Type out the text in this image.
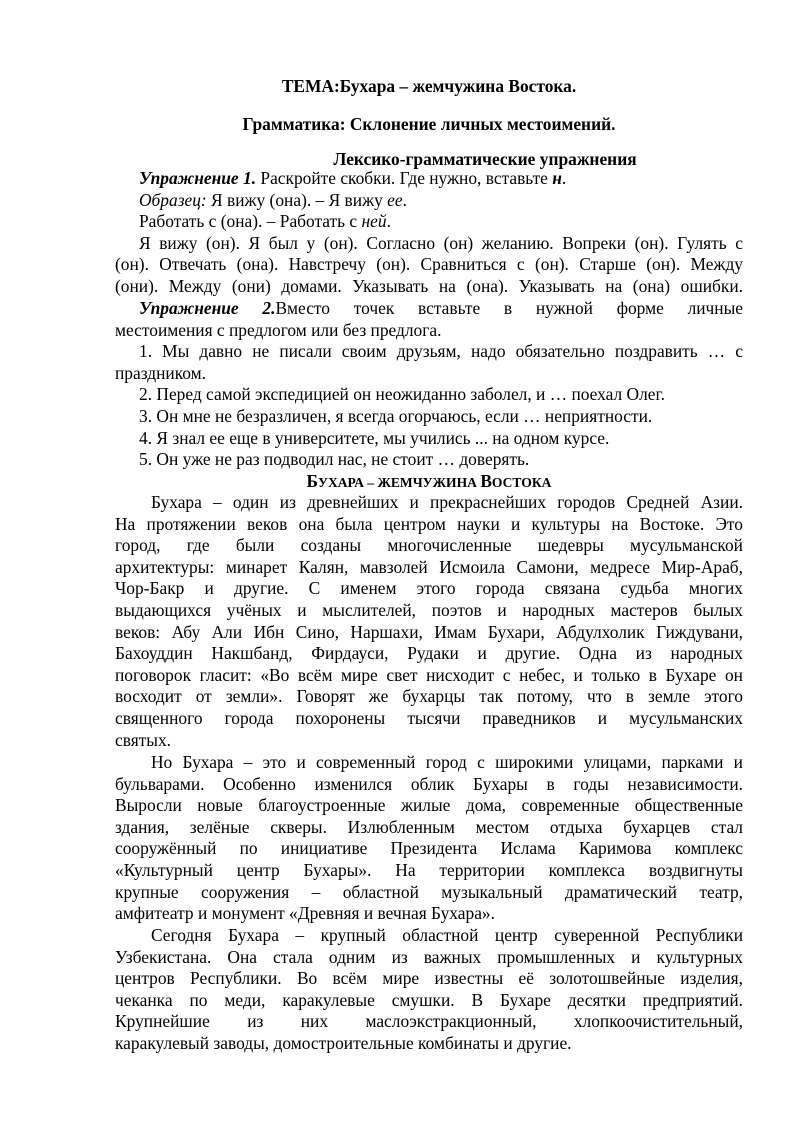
ТЕМА:Бухара – жемчужина Востока.
Грамматика: Склонение личных местоимений.
Лексико-грамматические упражнения
Упражнение 1. Раскройте скобки. Где нужно, вставьте н.
Образец: Я вижу (она). – Я вижу ее.
Работать с (она). – Работать с ней.
Я вижу (он). Я был у (он). Согласно (он) желанию. Вопреки (он). Гулять с
(он). Отвечать (она). Навстречу (он). Сравниться с (он). Старше (он). Между
(они). Между (они) домами. Указывать на (она). Указывать на (она) ошибки.
Упражнение 2.Вместо точек вставьте в нужной форме личные
местоимения с предлогом или без предлога.
1. Мы давно не писали своим друзьям, надо обязательно поздравить … с
праздником.
2. Перед самой экспедицией он неожиданно заболел, и … поехал Олег.
3. Он мне не безразличен, я всегда огорчаюсь, если … неприятности.
4. Я знал ее еще в университете, мы учились ... на одном курсе.
5. Он уже не раз подводил нас, не стоит … доверять.
БУХАРА – ЖЕМЧУЖИНА ВОСТОКА
Бухара – один из древнейших и прекраснейших городов Средней Азии.
На протяжении веков она была центром науки и культуры на Востоке. Это
город, где были созданы многочисленные шедевры мусульманской
архитектуры: минарет Калян, мавзолей Исмоила Самони, медресе Мир-Араб,
Чор-Бакр и другие. С именем этого города связана судьба многих
выдающихся учёных и мыслителей, поэтов и народных мастеров былых
веков: Абу Али Ибн Сино, Наршахи, Имам Бухари, Абдулхолик Гиждувани,
Бахоуддин Накшбанд, Фирдауси, Рудаки и другие. Одна из народных
поговорок гласит: «Во всём мире свет нисходит с небес, и только в Бухаре он
восходит от земли». Говорят же бухарцы так потому, что в земле этого
священного города похоронены тысячи праведников и мусульманских
святых.
Но Бухара – это и современный город с широкими улицами, парками и
бульварами. Особенно изменился облик Бухары в годы независимости.
Выросли новые благоустроенные жилые дома, современные общественные
здания, зелёные скверы. Излюбленным местом отдыха бухарцев стал
сооружённый по инициативе Президента Ислама Каримова комплекс
«Культурный центр Бухары». На территории комплекса воздвигнуты
крупные сооружения – областной музыкальный драматический театр,
амфитеатр и монумент «Древняя и вечная Бухара».
Сегодня Бухара – крупный областной центр суверенной Республики
Узбекистана. Она стала одним из важных промышленных и культурных
центров Республики. Во всём мире известны её золотошвейные изделия,
чеканка по меди, каракулевые смушки. В Бухаре десятки предприятий.
Крупнейшие из них маслоэкстракционный, хлопкоочистительный,
каракулевый заводы, домостроительные комбинаты и другие.
